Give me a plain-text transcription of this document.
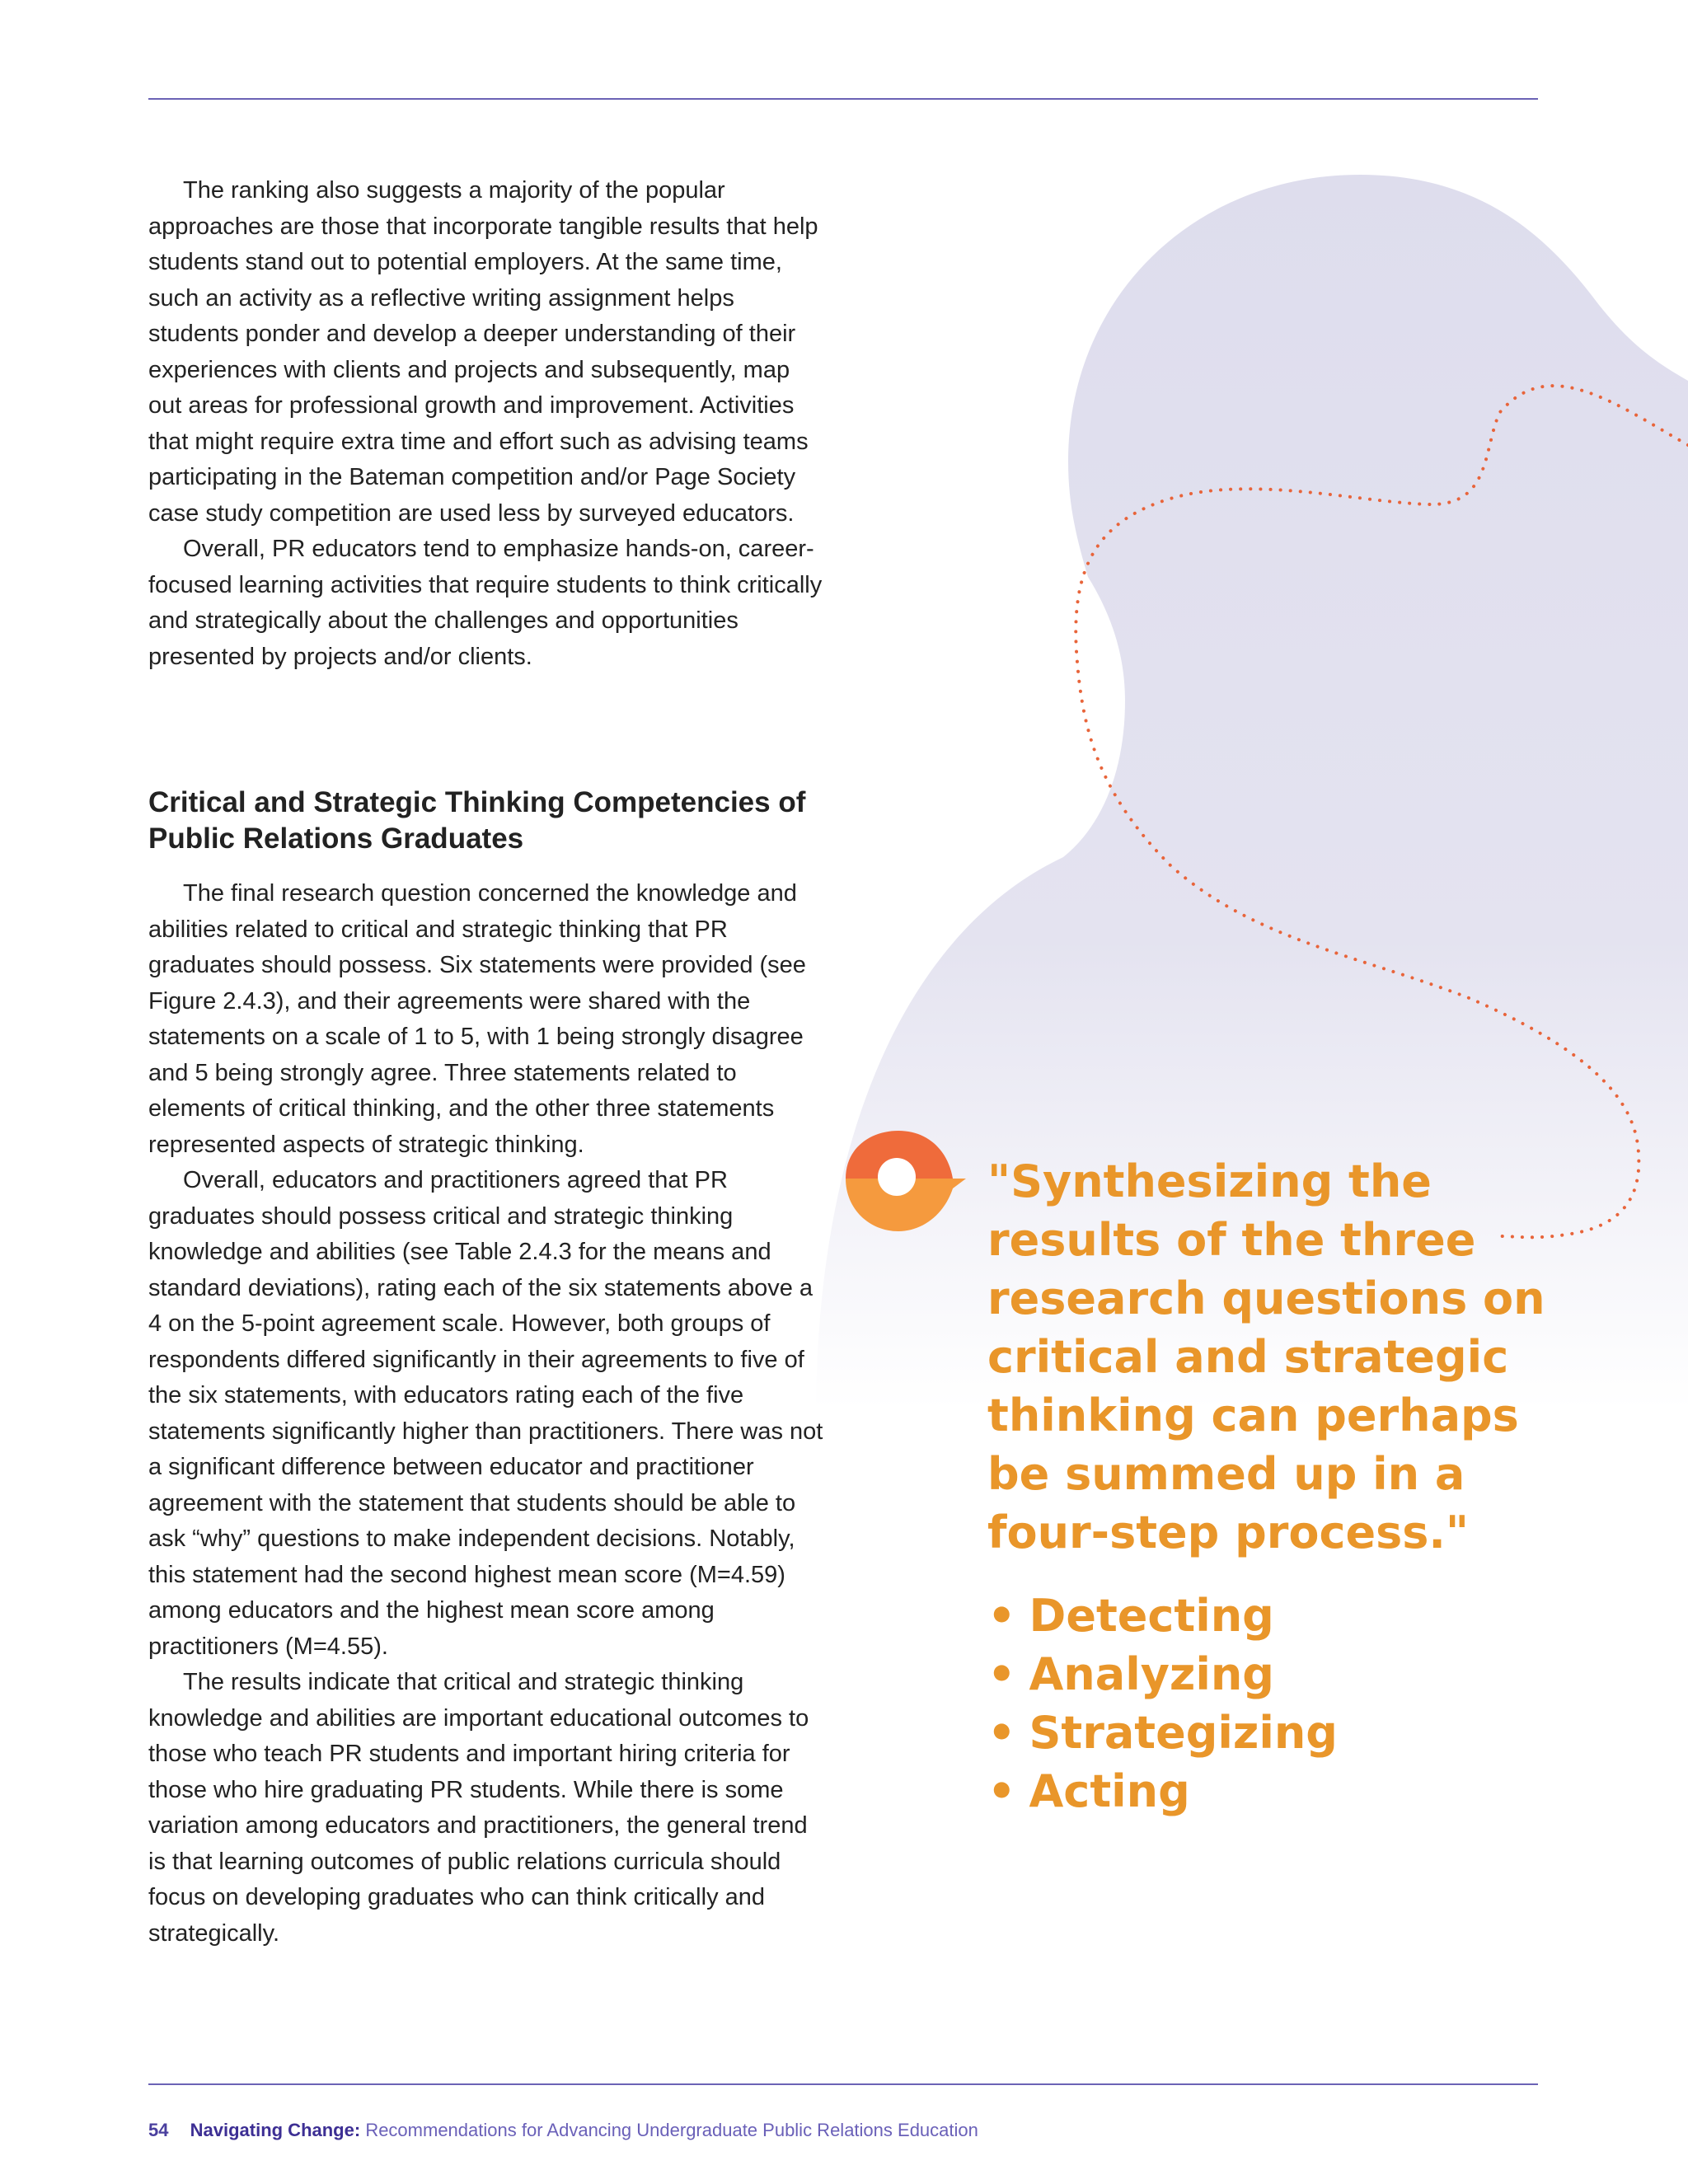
The ranking also suggests a majority of the popular approaches are those that incorporate tangible results that help students stand out to potential employers. At the same time, such an activity as a reflective writing assignment helps students ponder and develop a deeper understanding of their experiences with clients and projects and subsequently, map out areas for professional growth and improvement. Activities that might require extra time and effort such as advising teams participating in the Bateman competition and/or Page Society case study competition are used less by surveyed educators.

Overall, PR educators tend to emphasize hands-on, career-focused learning activities that require students to think critically and strategically about the challenges and opportunities presented by projects and/or clients.

Critical and Strategic Thinking Competencies of Public Relations Graduates

The final research question concerned the knowledge and abilities related to critical and strategic thinking that PR graduates should possess. Six statements were provided (see Figure 2.4.3), and their agreements were shared with the statements on a scale of 1 to 5, with 1 being strongly disagree and 5 being strongly agree. Three statements related to elements of critical thinking, and the other three statements represented aspects of strategic thinking.

Overall, educators and practitioners agreed that PR graduates should possess critical and strategic thinking knowledge and abilities (see Table 2.4.3 for the means and standard deviations), rating each of the six statements above a 4 on the 5-point agreement scale. However, both groups of respondents differed significantly in their agreements to five of the six statements, with educators rating each of the five statements significantly higher than practitioners. There was not a significant difference between educator and practitioner agreement with the statement that students should be able to ask “why” questions to make independent decisions. Notably, this statement had the second highest mean score (M=4.59) among educators and the highest mean score among practitioners (M=4.55).

The results indicate that critical and strategic thinking knowledge and abilities are important educational outcomes to those who teach PR students and important hiring criteria for those who hire graduating PR students. While there is some variation among educators and practitioners, the general trend is that learning outcomes of public relations curricula should focus on developing graduates who can think critically and strategically.

"Synthesizing the results of the three research questions on critical and strategic thinking can perhaps be summed up in a four-step process."
• Detecting
• Analyzing
• Strategizing
• Acting
54 Navigating Change: Recommendations for Advancing Undergraduate Public Relations Education
